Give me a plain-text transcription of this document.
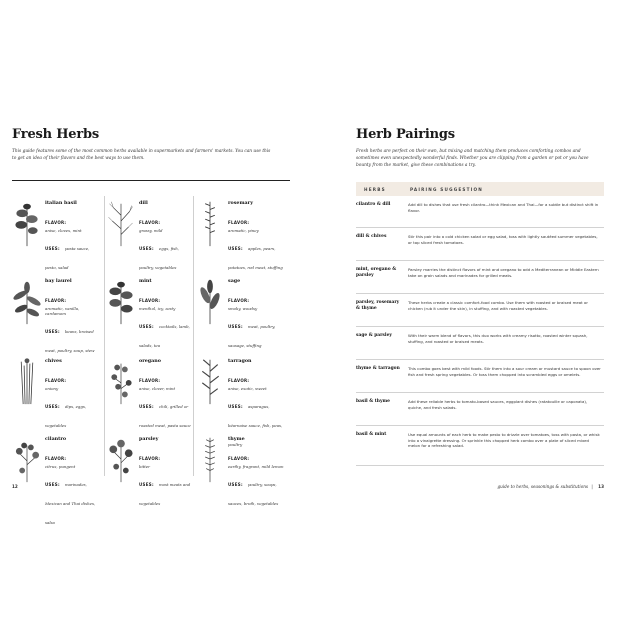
Fresh Herbs
This guide features some of the most common herbs available in supermarkets and farmers' markets. You can use this to get an idea of their flavors and the best ways to use them.
italian basil
FLAVOR:
anise, cloves, mint
USES: pasta sauce, pesto, salad
dill
FLAVOR:
grassy, mild
USES: eggs, fish, poultry, vegetables
rosemary
FLAVOR:
aromatic, piney
USES: apples, pears, potatoes, red meat, stuffing
bay laurel
FLAVOR:
aromatic, vanilla, cardamom
USES: beans, braised meat, poultry, soup, stew
mint
FLAVOR:
menthol, icy, zesty
USES: cocktails, lamb, salads, tea
sage
FLAVOR:
smoky, woodsy
USES: meat, poultry, sausage, stuffing
chives
FLAVOR:
oniony
USES: dips, eggs, vegetables
oregano
FLAVOR:
anise, clover, mint
USES: chili, grilled or roasted meat, pasta sauce
tarragon
FLAVOR:
anise, exotic, sweet
USES: asparagus, béarnaise sauce, fish, peas, poultry
cilantro
FLAVOR:
citrus, pungent
USES: marinades, Mexican and Thai dishes, salsa
parsley
FLAVOR:
bitter
USES: most meats and vegetables
thyme
FLAVOR:
earthy, fragrant, mild lemon
USES: poultry, soups, sauces, broth, vegetables
Herb Pairings
Fresh herbs are perfect on their own, but mixing and matching them produces comforting combos and sometimes even unexpectedly wonderful finds. Whether you are clipping from a garden or pot or you have bounty from the market, give these combinations a try.
HERBS	PAIRING SUGGESTION
cilantro & dill	Add dill to dishes that use fresh cilantro—think Mexican and Thai—for a subtle but distinct shift in flavor.
dill & chives	Stir this pair into a cold chicken salad or egg salad, toss with lightly sautéed summer vegetables, or top sliced fresh tomatoes.
mint, oregano & parsley
Parsley marries the distinct flavors of mint and oregano to add a Mediterranean or Middle Eastern take on grain salads and marinades for grilled meats.
parsley, rosemary & thyme
These herbs create a classic comfort-food combo. Use them with roasted or braised meat or chicken (rub it under the skin), in stuffing, and with roasted vegetables.
sage & parsley	With their warm blend of flavors, this duo works with creamy risotto, roasted winter squash, stuffing, and roasted or braised meats.
thyme & tarragon	This combo goes best with mild foods. Stir them into a sour cream or mustard sauce to spoon over fish and fresh spring vegetables. Or toss them chopped into scrambled eggs or omelets.
basil & thyme	Add these reliable herbs to tomato-based sauces, eggplant dishes (ratatouille or caponata), quiche, and fresh salads.
basil & mint	Use equal amounts of each herb to make pesto to drizzle over tomatoes, toss with pasta, or whisk into a vinaigrette dressing. Or sprinkle this chopped herb combo over a plate of sliced mixed melon for a refreshing salad.
12	guide to herbs, seasonings & substitutions | 13
